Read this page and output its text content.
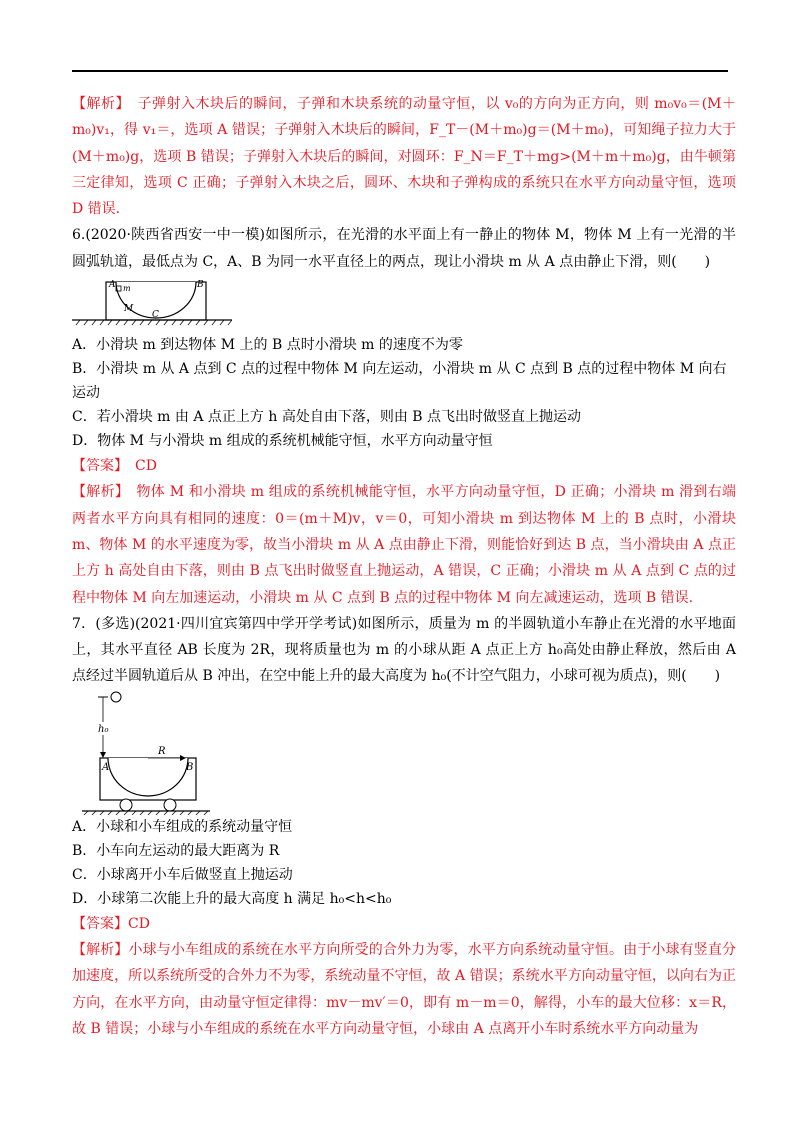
【解析】　子弹射入木块后的瞬间，子弹和木块系统的动量守恒，以 v₀的方向为正方向，则 m₀v₀＝(M＋m₀)v₁，得 v₁＝，选项 A 错误；子弹射入木块后的瞬间，F_T－(M＋m₀)g＝(M＋m₀)，可知绳子拉力大于(M＋m₀)g，选项 B 错误；子弹射入木块后的瞬间，对圆环：F_N＝F_T＋mg>(M＋m＋m₀)g，由牛顿第三定律知，选项 C 正确；子弹射入木块之后，圆环、木块和子弹构成的系统只在水平方向动量守恒，选项 D 错误.

6.(2020·陕西省西安一中一模)如图所示，在光滑的水平面上有一静止的物体 M，物体 M 上有一光滑的半圆弧轨道，最低点为 C，A、B 为同一水平直径上的两点，现让小滑块 m 从 A 点由静止下滑，则(　　)

A m	B
M
C

A．小滑块 m 到达物体 M 上的 B 点时小滑块 m 的速度不为零

B．小滑块 m 从 A 点到 C 点的过程中物体 M 向左运动，小滑块 m 从 C 点到 B 点的过程中物体 M 向右运动

C．若小滑块 m 由 A 点正上方 h 高处自由下落，则由 B 点飞出时做竖直上抛运动

D．物体 M 与小滑块 m 组成的系统机械能守恒，水平方向动量守恒

【答案】　CD

【解析】　物体 M 和小滑块 m 组成的系统机械能守恒，水平方向动量守恒，D 正确；小滑块 m 滑到右端两者水平方向具有相同的速度：0＝(m＋M)v，v＝0，可知小滑块 m 到达物体 M 上的 B 点时，小滑块 m、物体 M 的水平速度为零，故当小滑块 m 从 A 点由静止下滑，则能恰好到达 B 点，当小滑块由 A 点正上方 h 高处自由下落，则由 B 点飞出时做竖直上抛运动，A 错误，C 正确；小滑块 m 从 A 点到 C 点的过程中物体 M 向左加速运动，小滑块 m 从 C 点到 B 点的过程中物体 M 向左减速运动，选项 B 错误.

7．(多选)(2021·四川宜宾第四中学开学考试)如图所示，质量为 m 的半圆轨道小车静止在光滑的水平地面上，其水平直径 AB 长度为 2R，现将质量也为 m 的小球从距 A 点正上方 h₀高处由静止释放，然后由 A 点经过半圆轨道后从 B 冲出，在空中能上升的最大高度为 h₀(不计空气阻力，小球可视为质点)，则(　　)

h₀
R
A	B

A．小球和小车组成的系统动量守恒

B．小车向左运动的最大距离为 R

C．小球离开小车后做竖直上抛运动

D．小球第二次能上升的最大高度 h 满足 h₀<h<h₀

【答案】CD

【解析】小球与小车组成的系统在水平方向所受的合外力为零，水平方向系统动量守恒。由于小球有竖直分加速度，所以系统所受的合外力不为零，系统动量不守恒，故 A 错误；系统水平方向动量守恒，以向右为正方向，在水平方向，由动量守恒定律得：mv－mv′＝0，即有 m－m＝0，解得，小车的最大位移：x＝R，故 B 错误；小球与小车组成的系统在水平方向动量守恒，小球由 A 点离开小车时系统水平方向动量为
